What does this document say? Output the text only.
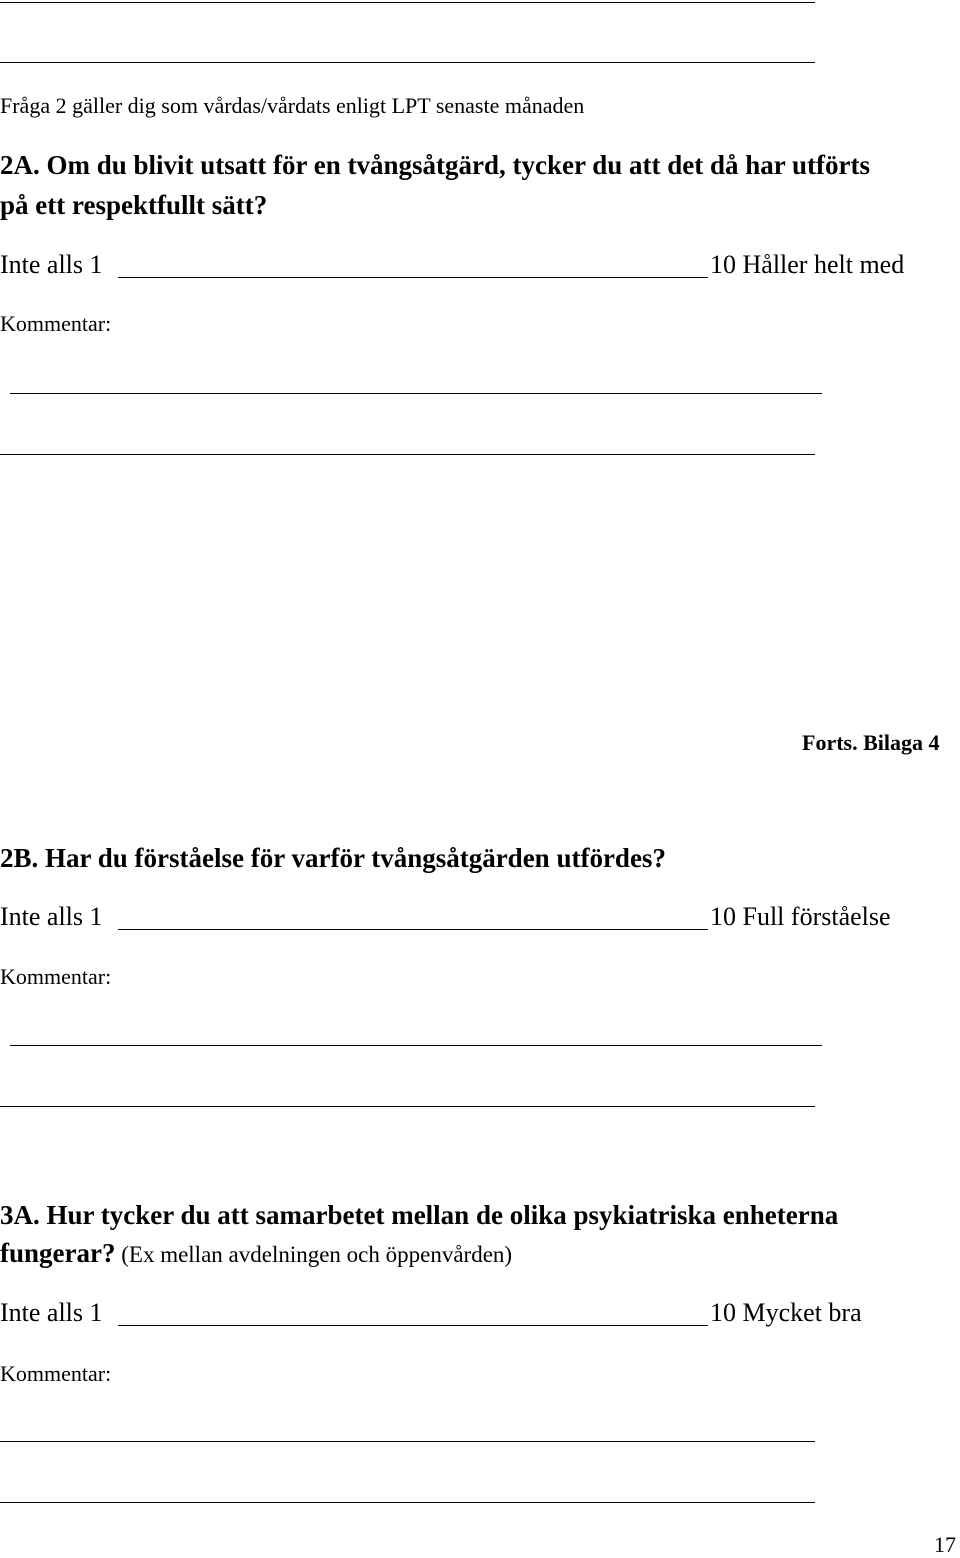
Fråga 2 gäller dig som vårdas/vårdats enligt LPT senaste månaden
2A. Om du blivit utsatt för en tvångsåtgärd, tycker du att det då har utförts
på ett respektfullt sätt?
Inte alls 1	10 Håller helt med
Kommentar:
Forts. Bilaga 4
2B. Har du förståelse för varför tvångsåtgärden utfördes?
Inte alls 1	10 Full förståelse
Kommentar:
3A. Hur tycker du att samarbetet mellan de olika psykiatriska enheterna
fungerar? (Ex mellan avdelningen och öppenvården)
Inte alls 1	10 Mycket bra
Kommentar:
17
